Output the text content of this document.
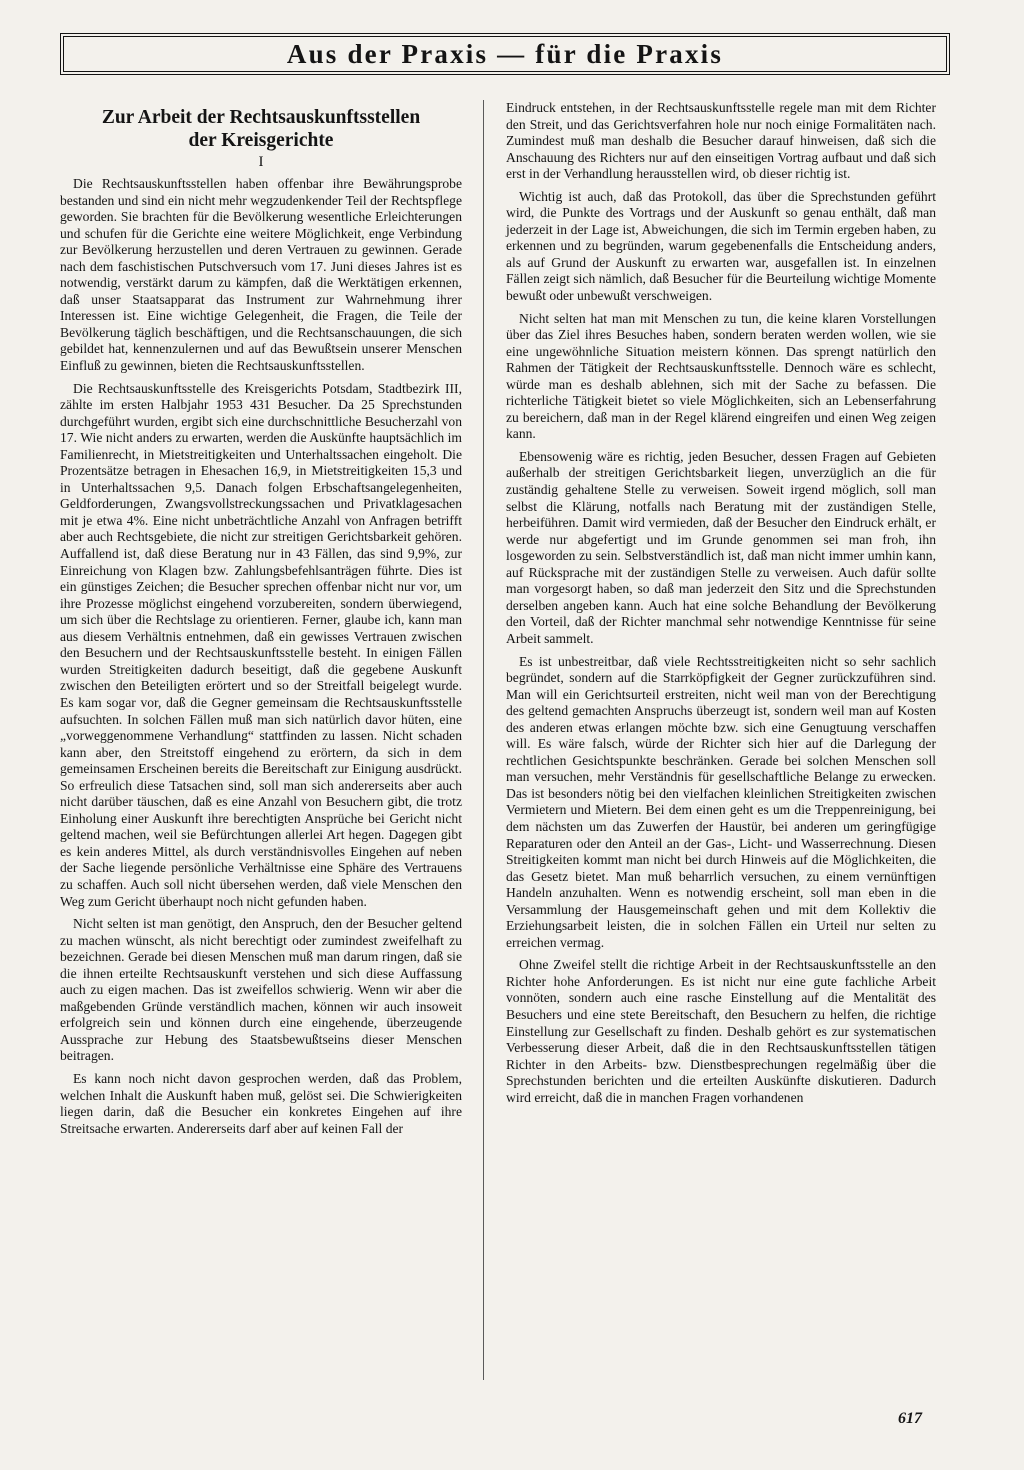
Aus der Praxis — für die Praxis
Zur Arbeit der Rechtsauskunftsstellen
der Kreisgerichte
I

Die Rechtsauskunftsstellen haben offenbar ihre Bewährungsprobe bestanden und sind ein nicht mehr wegzudenkender Teil der Rechtspflege geworden. Sie brachten für die Bevölkerung wesentliche Erleichterungen und schufen für die Gerichte eine weitere Möglichkeit, enge Verbindung zur Bevölkerung herzustellen und deren Vertrauen zu gewinnen. Gerade nach dem faschistischen Putschversuch vom 17. Juni dieses Jahres ist es notwendig, verstärkt darum zu kämpfen, daß die Werktätigen erkennen, daß unser Staatsapparat das Instrument zur Wahrnehmung ihrer Interessen ist. Eine wichtige Gelegenheit, die Fragen, die Teile der Bevölkerung täglich beschäftigen, und die Rechtsanschauungen, die sich gebildet hat, kennenzulernen und auf das Bewußtsein unserer Menschen Einfluß zu gewinnen, bieten die Rechtsauskunftsstellen.

Die Rechtsauskunftsstelle des Kreisgerichts Potsdam, Stadtbezirk III, zählte im ersten Halbjahr 1953 431 Besucher. Da 25 Sprechstunden durchgeführt wurden, ergibt sich eine durchschnittliche Besucherzahl von 17. Wie nicht anders zu erwarten, werden die Auskünfte hauptsächlich im Familienrecht, in Mietstreitigkeiten und Unterhaltssachen eingeholt. Die Prozentsätze betragen in Ehesachen 16,9, in Mietstreitigkeiten 15,3 und in Unterhaltssachen 9,5. Danach folgen Erbschaftsangelegenheiten, Geldforderungen, Zwangsvollstreckungssachen und Privatklagesachen mit je etwa 4%. Eine nicht unbeträchtliche Anzahl von Anfragen betrifft aber auch Rechtsgebiete, die nicht zur streitigen Gerichtsbarkeit gehören. Auffallend ist, daß diese Beratung nur in 43 Fällen, das sind 9,9%, zur Einreichung von Klagen bzw. Zahlungsbefehlsanträgen führte. Dies ist ein günstiges Zeichen; die Besucher sprechen offenbar nicht nur vor, um ihre Prozesse möglichst eingehend vorzubereiten, sondern überwiegend, um sich über die Rechtslage zu orientieren. Ferner, glaube ich, kann man aus diesem Verhältnis entnehmen, daß ein gewisses Vertrauen zwischen den Besuchern und der Rechtsauskunftsstelle besteht. In einigen Fällen wurden Streitigkeiten dadurch beseitigt, daß die gegebene Auskunft zwischen den Beteiligten erörtert und so der Streitfall beigelegt wurde. Es kam sogar vor, daß die Gegner gemeinsam die Rechtsauskunftsstelle aufsuchten. In solchen Fällen muß man sich natürlich davor hüten, eine „vorweggenommene Verhandlung“ stattfinden zu lassen. Nicht schaden kann aber, den Streitstoff eingehend zu erörtern, da sich in dem gemeinsamen Erscheinen bereits die Bereitschaft zur Einigung ausdrückt. So erfreulich diese Tatsachen sind, soll man sich andererseits aber auch nicht darüber täuschen, daß es eine Anzahl von Besuchern gibt, die trotz Einholung einer Auskunft ihre berechtigten Ansprüche bei Gericht nicht geltend machen, weil sie Befürchtungen allerlei Art hegen. Dagegen gibt es kein anderes Mittel, als durch verständnisvolles Eingehen auf neben der Sache liegende persönliche Verhältnisse eine Sphäre des Vertrauens zu schaffen. Auch soll nicht übersehen werden, daß viele Menschen den Weg zum Gericht überhaupt noch nicht gefunden haben.

Nicht selten ist man genötigt, den Anspruch, den der Besucher geltend zu machen wünscht, als nicht berechtigt oder zumindest zweifelhaft zu bezeichnen. Gerade bei diesen Menschen muß man darum ringen, daß sie die ihnen erteilte Rechtsauskunft verstehen und sich diese Auffassung auch zu eigen machen. Das ist zweifellos schwierig. Wenn wir aber die maßgebenden Gründe verständlich machen, können wir auch insoweit erfolgreich sein und können durch eine eingehende, überzeugende Aussprache zur Hebung des Staatsbewußtseins dieser Menschen beitragen.

Es kann noch nicht davon gesprochen werden, daß das Problem, welchen Inhalt die Auskunft haben muß, gelöst sei. Die Schwierigkeiten liegen darin, daß die Besucher ein konkretes Eingehen auf ihre Streitsache erwarten. Andererseits darf aber auf keinen Fall der

Eindruck entstehen, in der Rechtsauskunftsstelle regele man mit dem Richter den Streit, und das Gerichtsverfahren hole nur noch einige Formalitäten nach. Zumindest muß man deshalb die Besucher darauf hinweisen, daß sich die Anschauung des Richters nur auf den einseitigen Vortrag aufbaut und daß sich erst in der Verhandlung herausstellen wird, ob dieser richtig ist.

Wichtig ist auch, daß das Protokoll, das über die Sprechstunden geführt wird, die Punkte des Vortrags und der Auskunft so genau enthält, daß man jederzeit in der Lage ist, Abweichungen, die sich im Termin ergeben haben, zu erkennen und zu begründen, warum gegebenenfalls die Entscheidung anders, als auf Grund der Auskunft zu erwarten war, ausgefallen ist. In einzelnen Fällen zeigt sich nämlich, daß Besucher für die Beurteilung wichtige Momente bewußt oder unbewußt verschweigen.

Nicht selten hat man mit Menschen zu tun, die keine klaren Vorstellungen über das Ziel ihres Besuches haben, sondern beraten werden wollen, wie sie eine ungewöhnliche Situation meistern können. Das sprengt natürlich den Rahmen der Tätigkeit der Rechtsauskunftsstelle. Dennoch wäre es schlecht, würde man es deshalb ablehnen, sich mit der Sache zu befassen. Die richterliche Tätigkeit bietet so viele Möglichkeiten, sich an Lebenserfahrung zu bereichern, daß man in der Regel klärend eingreifen und einen Weg zeigen kann.

Ebensowenig wäre es richtig, jeden Besucher, dessen Fragen auf Gebieten außerhalb der streitigen Gerichtsbarkeit liegen, unverzüglich an die für zuständig gehaltene Stelle zu verweisen. Soweit irgend möglich, soll man selbst die Klärung, notfalls nach Beratung mit der zuständigen Stelle, herbeiführen. Damit wird vermieden, daß der Besucher den Eindruck erhält, er werde nur abgefertigt und im Grunde genommen sei man froh, ihn losgeworden zu sein. Selbstverständlich ist, daß man nicht immer umhin kann, auf Rücksprache mit der zuständigen Stelle zu verweisen. Auch dafür sollte man vorgesorgt haben, so daß man jederzeit den Sitz und die Sprechstunden derselben angeben kann. Auch hat eine solche Behandlung der Bevölkerung den Vorteil, daß der Richter manchmal sehr notwendige Kenntnisse für seine Arbeit sammelt.

Es ist unbestreitbar, daß viele Rechtsstreitigkeiten nicht so sehr sachlich begründet, sondern auf die Starrköpfigkeit der Gegner zurückzuführen sind. Man will ein Gerichtsurteil erstreiten, nicht weil man von der Berechtigung des geltend gemachten Anspruchs überzeugt ist, sondern weil man auf Kosten des anderen etwas erlangen möchte bzw. sich eine Genugtuung verschaffen will. Es wäre falsch, würde der Richter sich hier auf die Darlegung der rechtlichen Gesichtspunkte beschränken. Gerade bei solchen Menschen soll man versuchen, mehr Verständnis für gesellschaftliche Belange zu erwecken. Das ist besonders nötig bei den vielfachen kleinlichen Streitigkeiten zwischen Vermietern und Mietern. Bei dem einen geht es um die Treppenreinigung, bei dem nächsten um das Zuwerfen der Haustür, bei anderen um geringfügige Reparaturen oder den Anteil an der Gas-, Licht- und Wasserrechnung. Diesen Streitigkeiten kommt man nicht bei durch Hinweis auf die Möglichkeiten, die das Gesetz bietet. Man muß beharrlich versuchen, zu einem vernünftigen Handeln anzuhalten. Wenn es notwendig erscheint, soll man eben in die Versammlung der Hausgemeinschaft gehen und mit dem Kollektiv die Erziehungsarbeit leisten, die in solchen Fällen ein Urteil nur selten zu erreichen vermag.

Ohne Zweifel stellt die richtige Arbeit in der Rechtsauskunftsstelle an den Richter hohe Anforderungen. Es ist nicht nur eine gute fachliche Arbeit vonnöten, sondern auch eine rasche Einstellung auf die Mentalität des Besuchers und eine stete Bereitschaft, den Besuchern zu helfen, die richtige Einstellung zur Gesellschaft zu finden. Deshalb gehört es zur systematischen Verbesserung dieser Arbeit, daß die in den Rechtsauskunftsstellen tätigen Richter in den Arbeits- bzw. Dienstbesprechungen regelmäßig über die Sprechstunden berichten und die erteilten Auskünfte diskutieren. Dadurch wird erreicht, daß die in manchen Fragen vorhandenen

617
